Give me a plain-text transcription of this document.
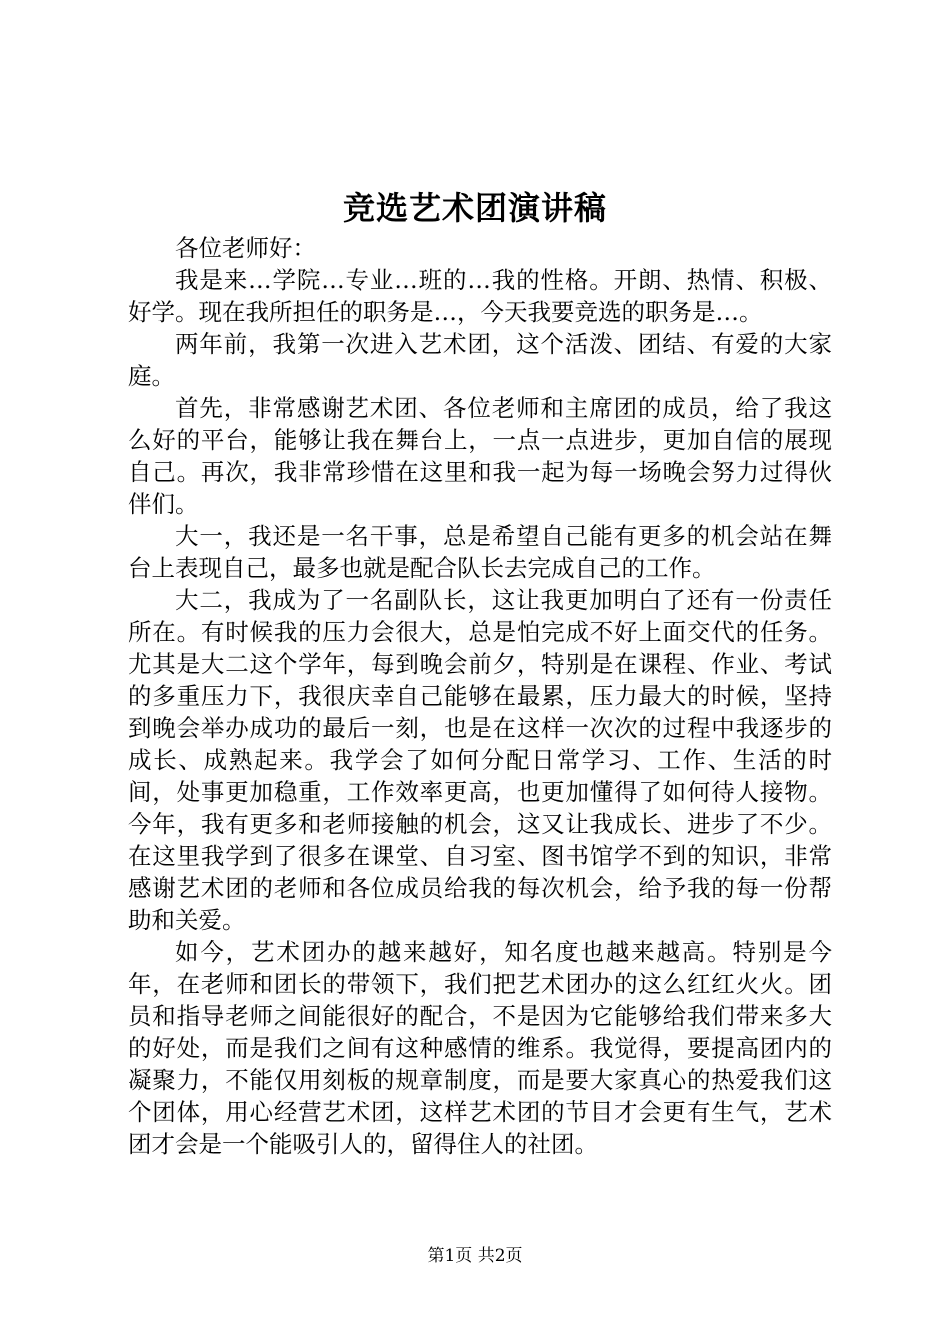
竞选艺术团演讲稿

各位老师好：

我是来…学院…专业…班的…我的性格。开朗、热情、积极、好学。现在我所担任的职务是…，今天我要竞选的职务是…。

两年前，我第一次进入艺术团，这个活泼、团结、有爱的大家庭。

首先，非常感谢艺术团、各位老师和主席团的成员，给了我这么好的平台，能够让我在舞台上，一点一点进步，更加自信的展现自己。再次，我非常珍惜在这里和我一起为每一场晚会努力过得伙伴们。

大一，我还是一名干事，总是希望自己能有更多的机会站在舞台上表现自己，最多也就是配合队长去完成自己的工作。

大二，我成为了一名副队长，这让我更加明白了还有一份责任所在。有时候我的压力会很大，总是怕完成不好上面交代的任务。尤其是大二这个学年，每到晚会前夕，特别是在课程、作业、考试的多重压力下，我很庆幸自己能够在最累，压力最大的时候，坚持到晚会举办成功的最后一刻，也是在这样一次次的过程中我逐步的成长、成熟起来。我学会了如何分配日常学习、工作、生活的时间，处事更加稳重，工作效率更高，也更加懂得了如何待人接物。今年，我有更多和老师接触的机会，这又让我成长、进步了不少。在这里我学到了很多在课堂、自习室、图书馆学不到的知识，非常感谢艺术团的老师和各位成员给我的每次机会，给予我的每一份帮助和关爱。

如今，艺术团办的越来越好，知名度也越来越高。特别是今年，在老师和团长的带领下，我们把艺术团办的这么红红火火。团员和指导老师之间能很好的配合，不是因为它能够给我们带来多大的好处，而是我们之间有这种感情的维系。我觉得，要提高团内的凝聚力，不能仅用刻板的规章制度，而是要大家真心的热爱我们这个团体，用心经营艺术团，这样艺术团的节目才会更有生气，艺术团才会是一个能吸引人的，留得住人的社团。

第1页 共2页
